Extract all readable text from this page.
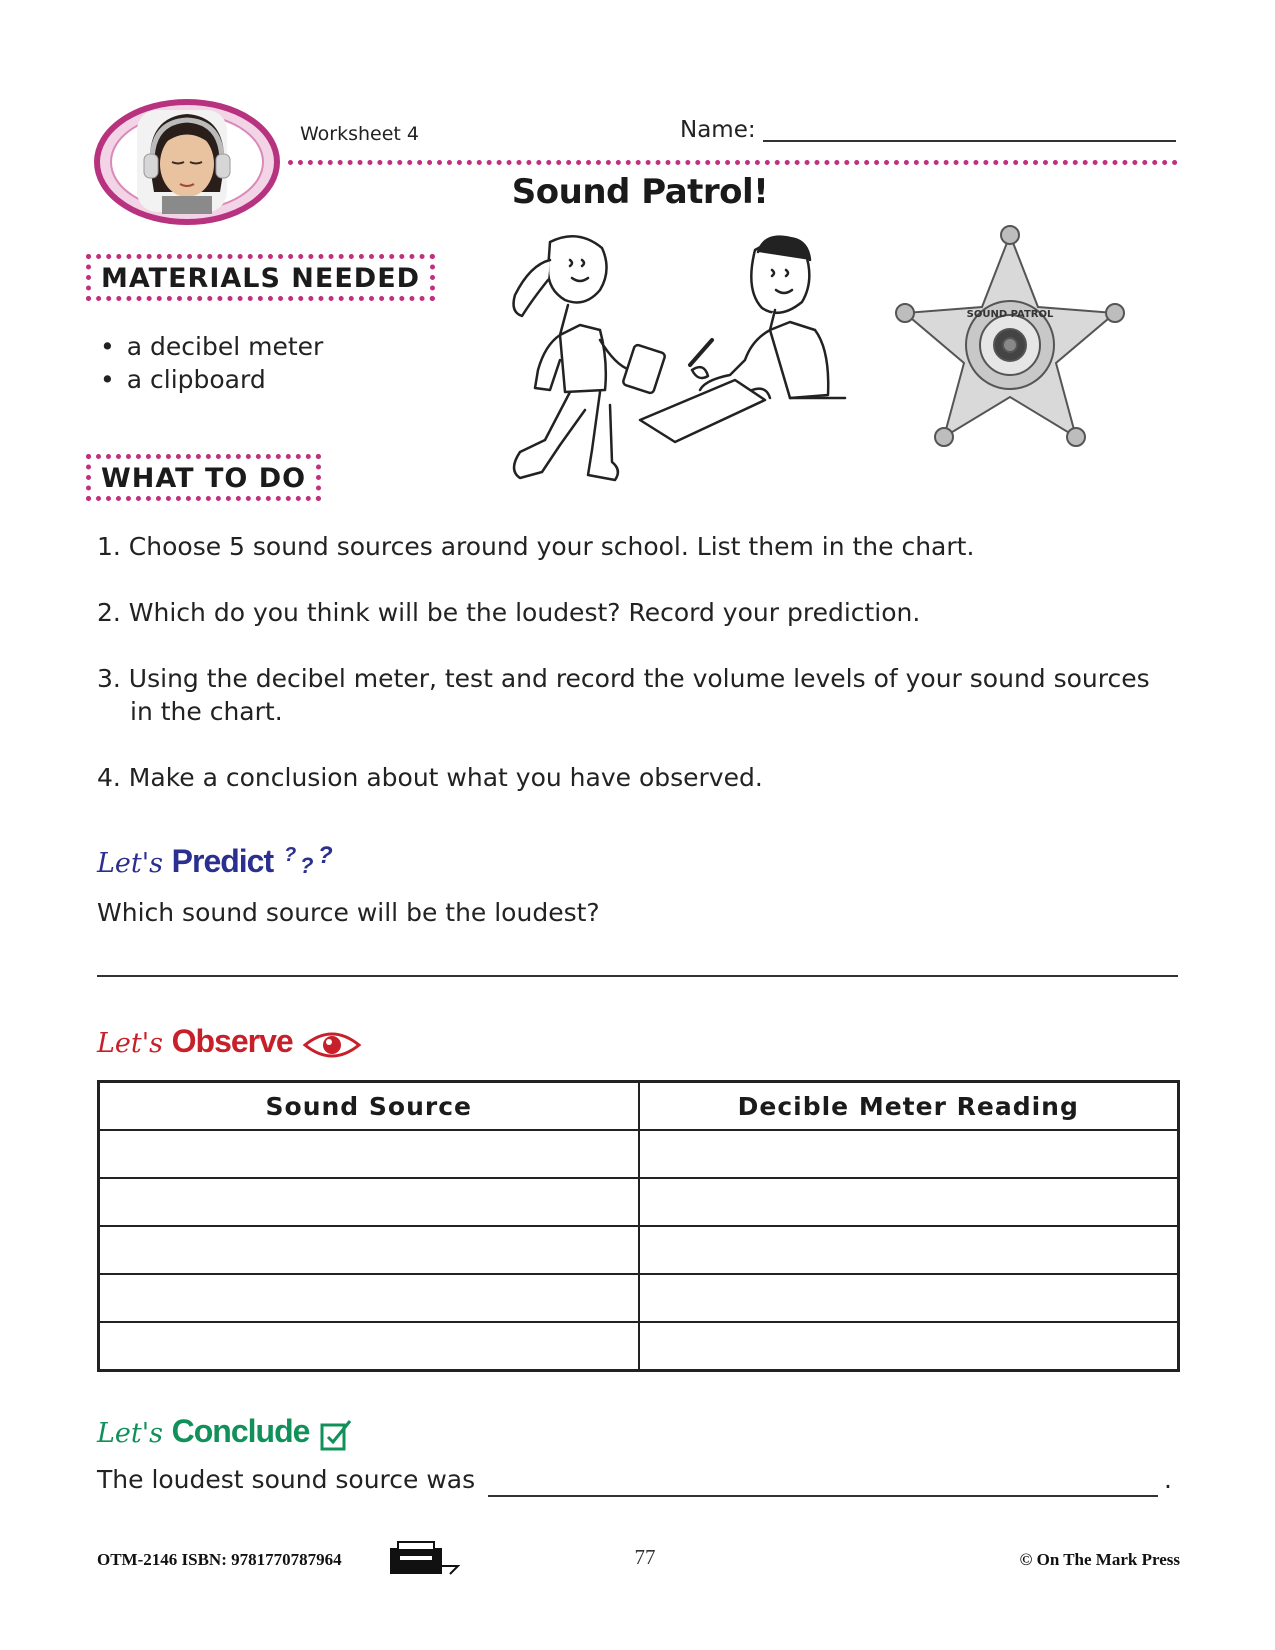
Worksheet 4	Name:
Sound Patrol!
MATERIALS NEEDED
• a decibel meter
• a clipboard
SOUND PATROL
WHAT TO DO
1. Choose 5 sound sources around your school. List them in the chart.
2. Which do you think will be the loudest? Record your prediction.
3. Using the decibel meter, test and record the volume levels of your sound sources in the chart.
4. Make a conclusion about what you have observed.
Let's Predict ? ? ?
Which sound source will be the loudest?
Let's Observe
Sound Source	Decible Meter Reading

Let's Conclude
The loudest sound source was	.
OTM-2146 ISBN: 9781770787964	77	© On The Mark Press
